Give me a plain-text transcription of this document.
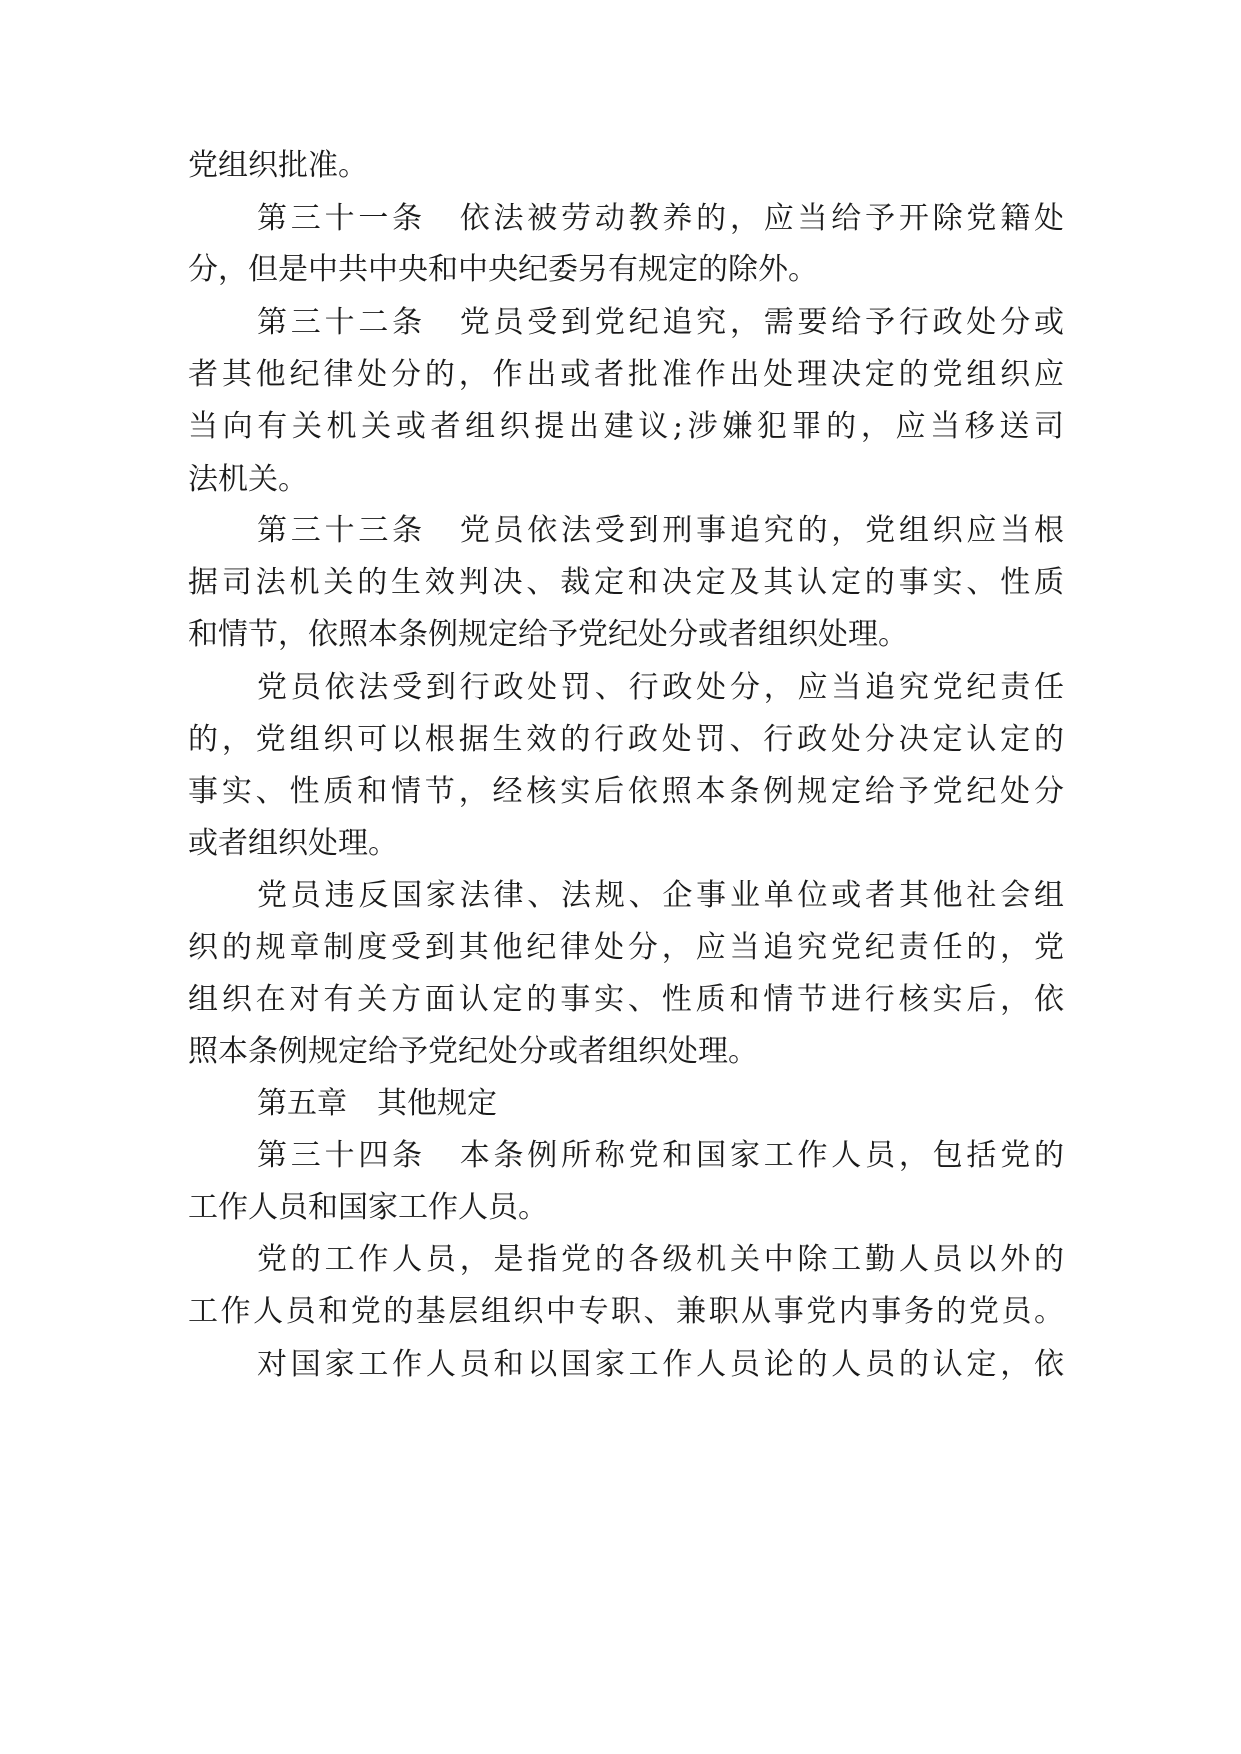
党组织批准。
第三十一条　依法被劳动教养的，应当给予开除党籍处
分，但是中共中央和中央纪委另有规定的除外。
第三十二条　党员受到党纪追究，需要给予行政处分或
者其他纪律处分的，作出或者批准作出处理决定的党组织应
当向有关机关或者组织提出建议;涉嫌犯罪的，应当移送司
法机关。
第三十三条　党员依法受到刑事追究的，党组织应当根
据司法机关的生效判决、裁定和决定及其认定的事实、性质
和情节，依照本条例规定给予党纪处分或者组织处理。
党员依法受到行政处罚、行政处分，应当追究党纪责任
的，党组织可以根据生效的行政处罚、行政处分决定认定的
事实、性质和情节，经核实后依照本条例规定给予党纪处分
或者组织处理。
党员违反国家法律、法规、企事业单位或者其他社会组
织的规章制度受到其他纪律处分，应当追究党纪责任的，党
组织在对有关方面认定的事实、性质和情节进行核实后，依
照本条例规定给予党纪处分或者组织处理。
第五章　其他规定
第三十四条　本条例所称党和国家工作人员，包括党的
工作人员和国家工作人员。
党的工作人员，是指党的各级机关中除工勤人员以外的
工作人员和党的基层组织中专职、兼职从事党内事务的党员。
对国家工作人员和以国家工作人员论的人员的认定，依
